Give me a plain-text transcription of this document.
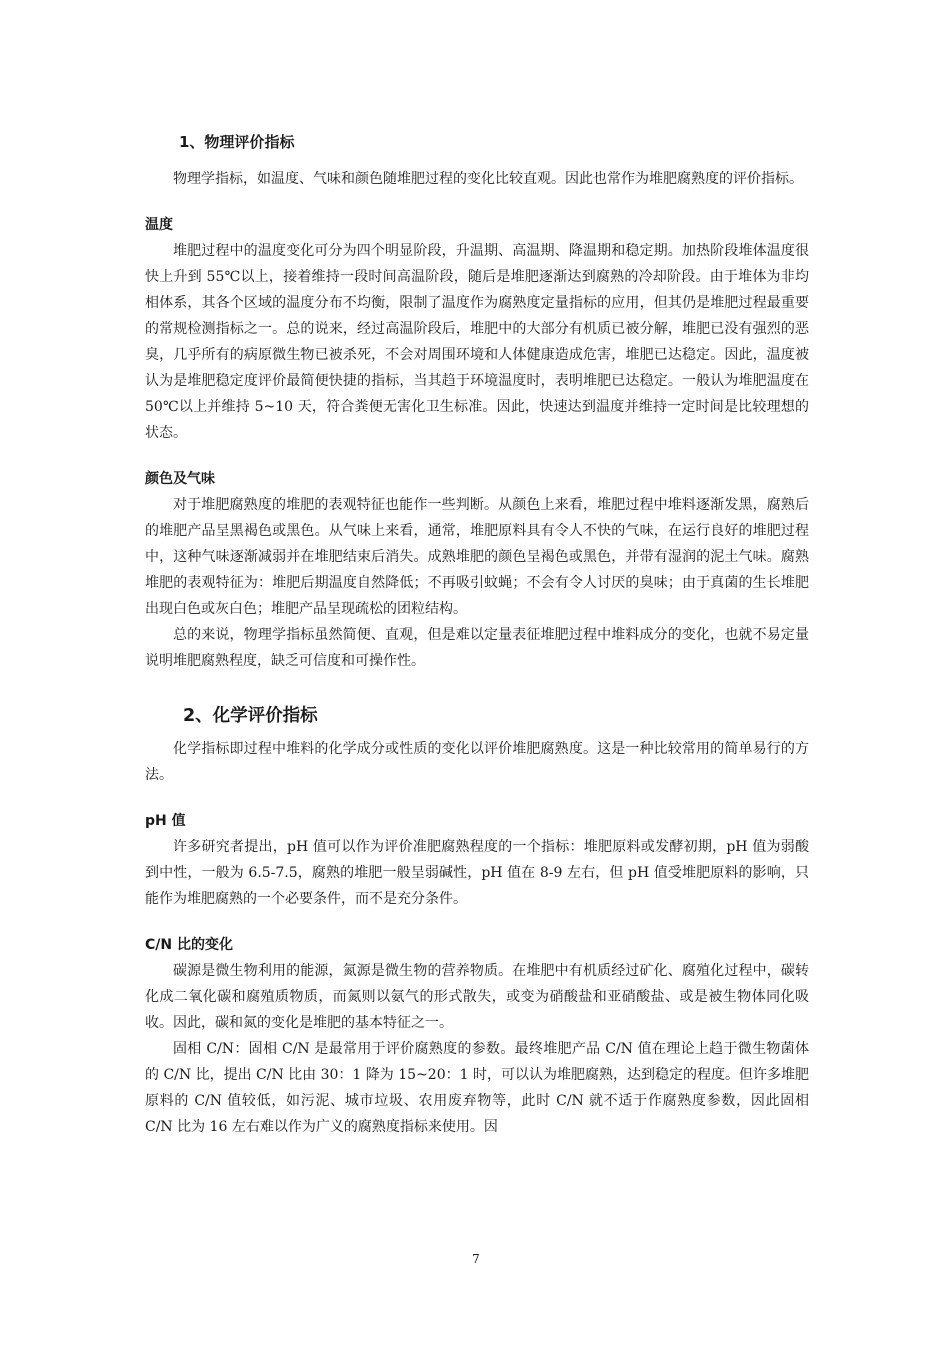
1、物理评价指标

物理学指标，如温度、气味和颜色随堆肥过程的变化比较直观。因此也常作为堆肥腐熟度的评价指标。

温度

堆肥过程中的温度变化可分为四个明显阶段，升温期、高温期、降温期和稳定期。加热阶段堆体温度很快上升到 55℃以上，接着维持一段时间高温阶段，随后是堆肥逐渐达到腐熟的冷却阶段。由于堆体为非均相体系，其各个区域的温度分布不均衡，限制了温度作为腐熟度定量指标的应用，但其仍是堆肥过程最重要的常规检测指标之一。总的说来，经过高温阶段后，堆肥中的大部分有机质已被分解，堆肥已没有强烈的恶臭，几乎所有的病原微生物已被杀死，不会对周围环境和人体健康造成危害，堆肥已达稳定。因此，温度被认为是堆肥稳定度评价最简便快捷的指标，当其趋于环境温度时，表明堆肥已达稳定。一般认为堆肥温度在 50℃以上并维持 5~10 天，符合粪便无害化卫生标准。因此，快速达到温度并维持一定时间是比较理想的状态。

颜色及气味

对于堆肥腐熟度的堆肥的表观特征也能作一些判断。从颜色上来看，堆肥过程中堆料逐渐发黑，腐熟后的堆肥产品呈黑褐色或黑色。从气味上来看，通常，堆肥原料具有令人不快的气味，在运行良好的堆肥过程中，这种气味逐渐减弱并在堆肥结束后消失。成熟堆肥的颜色呈褐色或黑色，并带有湿润的泥土气味。腐熟堆肥的表观特征为：堆肥后期温度自然降低；不再吸引蚊蝇；不会有令人讨厌的臭味；由于真菌的生长堆肥出现白色或灰白色；堆肥产品呈现疏松的团粒结构。

总的来说，物理学指标虽然简便、直观，但是难以定量表征堆肥过程中堆料成分的变化，也就不易定量说明堆肥腐熟程度，缺乏可信度和可操作性。

2、化学评价指标

化学指标即过程中堆料的化学成分或性质的变化以评价堆肥腐熟度。这是一种比较常用的简单易行的方法。

pH 值

许多研究者提出，pH 值可以作为评价准肥腐熟程度的一个指标：堆肥原料或发酵初期，pH 值为弱酸到中性，一般为 6.5-7.5，腐熟的堆肥一般呈弱碱性，pH 值在 8-9 左右，但 pH 值受堆肥原料的影响，只能作为堆肥腐熟的一个必要条件，而不是充分条件。

C/N 比的变化

碳源是微生物利用的能源，氮源是微生物的营养物质。在堆肥中有机质经过矿化、腐殖化过程中，碳转化成二氧化碳和腐殖质物质，而氮则以氨气的形式散失，或变为硝酸盐和亚硝酸盐、或是被生物体同化吸收。因此，碳和氮的变化是堆肥的基本特征之一。

固相 C/N：固相 C/N 是最常用于评价腐熟度的参数。最终堆肥产品 C/N 值在理论上趋于微生物菌体的 C/N 比，提出 C/N 比由 30：1 降为 15~20：1 时，可以认为堆肥腐熟，达到稳定的程度。但许多堆肥原料的 C/N 值较低，如污泥、城市垃圾、农用废弃物等，此时 C/N 就不适于作腐熟度参数，因此固相 C/N 比为 16 左右难以作为广义的腐熟度指标来使用。因

7
